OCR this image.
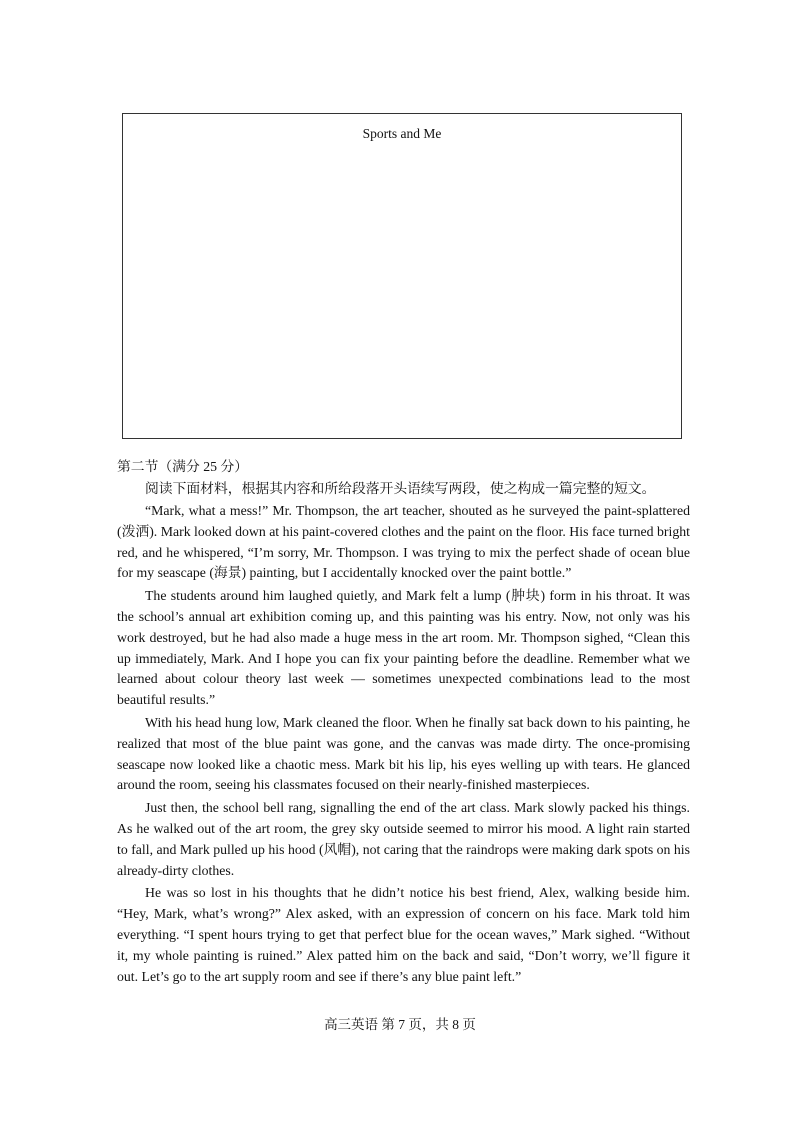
Sports and Me

第二节（满分 25 分）

阅读下面材料，根据其内容和所给段落开头语续写两段，使之构成一篇完整的短文。

“Mark, what a mess!” Mr. Thompson, the art teacher, shouted as he surveyed the paint-splattered (泼洒). Mark looked down at his paint-covered clothes and the paint on the floor. His face turned bright red, and he whispered, “I’m sorry, Mr. Thompson. I was trying to mix the perfect shade of ocean blue for my seascape (海景) painting, but I accidentally knocked over the paint bottle.”

The students around him laughed quietly, and Mark felt a lump (肿块) form in his throat. It was the school’s annual art exhibition coming up, and this painting was his entry. Now, not only was his work destroyed, but he had also made a huge mess in the art room. Mr. Thompson sighed, “Clean this up immediately, Mark. And I hope you can fix your painting before the deadline. Remember what we learned about colour theory last week — sometimes unexpected combinations lead to the most beautiful results.”

With his head hung low, Mark cleaned the floor. When he finally sat back down to his painting, he realized that most of the blue paint was gone, and the canvas was made dirty. The once-promising seascape now looked like a chaotic mess. Mark bit his lip, his eyes welling up with tears. He glanced around the room, seeing his classmates focused on their nearly-finished masterpieces.

Just then, the school bell rang, signalling the end of the art class. Mark slowly packed his things. As he walked out of the art room, the grey sky outside seemed to mirror his mood. A light rain started to fall, and Mark pulled up his hood (风帽), not caring that the raindrops were making dark spots on his already-dirty clothes.

He was so lost in his thoughts that he didn’t notice his best friend, Alex, walking beside him. “Hey, Mark, what’s wrong?” Alex asked, with an expression of concern on his face. Mark told him everything. “I spent hours trying to get that perfect blue for the ocean waves,” Mark sighed. “Without it, my whole painting is ruined.” Alex patted him on the back and said, “Don’t worry, we’ll figure it out. Let’s go to the art supply room and see if there’s any blue paint left.”

高三英语 第 7 页，共 8 页
